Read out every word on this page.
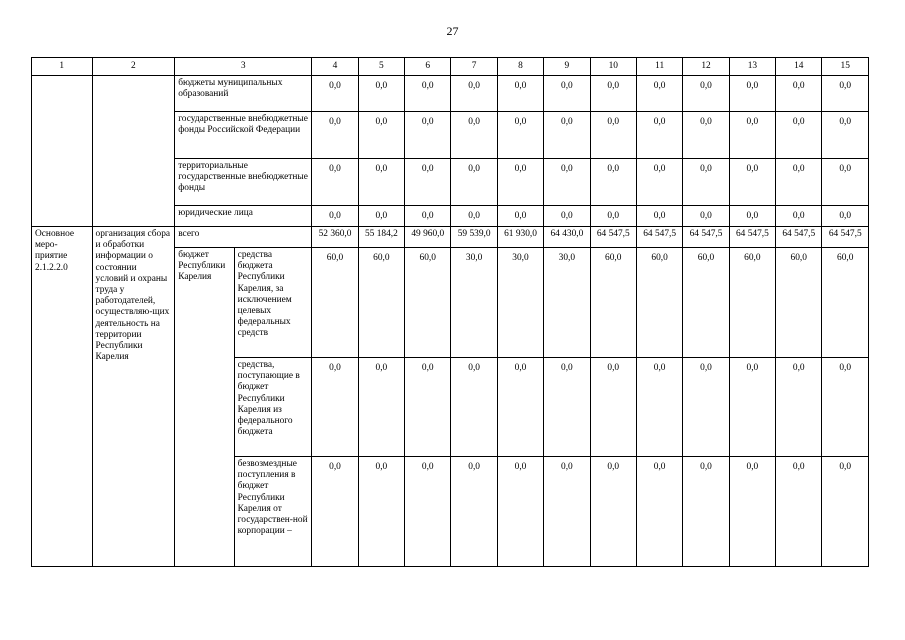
27
1	2	3		4	5	6	7	8	9	10	11	12	13	14	15
		бюджеты муниципальных образований		0,0	0,0	0,0	0,0	0,0	0,0	0,0	0,0	0,0	0,0	0,0	0,0
		государственные внебюджетные фонды Российской Федерации		0,0	0,0	0,0	0,0	0,0	0,0	0,0	0,0	0,0	0,0	0,0	0,0
		территориальные государственные внебюджетные фонды		0,0	0,0	0,0	0,0	0,0	0,0	0,0	0,0	0,0	0,0	0,0	0,0
		юридические лица		0,0	0,0	0,0	0,0	0,0	0,0	0,0	0,0	0,0	0,0	0,0	0,0
Основное меро-приятие 2.1.2.2.0	организация сбора и обработки информации о состоянии условий и охраны труда у работодателей, осуществляю-щих деятельность на территории Республики Карелия	всего		52 360,0	55 184,2	49 960,0	59 539,0	61 930,0	64 430,0	64 547,5	64 547,5	64 547,5	64 547,5	64 547,5	64 547,5
		бюджет Республики Карелия	средства бюджета Республики Карелия, за исключением целевых федеральных средств	60,0	60,0	60,0	30,0	30,0	30,0	60,0	60,0	60,0	60,0	60,0	60,0
			средства, поступающие в бюджет Республики Карелия из федерального бюджета	0,0	0,0	0,0	0,0	0,0	0,0	0,0	0,0	0,0	0,0	0,0	0,0
			безвозмездные поступления в бюджет Республики Карелия от государствен-ной корпорации –	0,0	0,0	0,0	0,0	0,0	0,0	0,0	0,0	0,0	0,0	0,0	0,0
